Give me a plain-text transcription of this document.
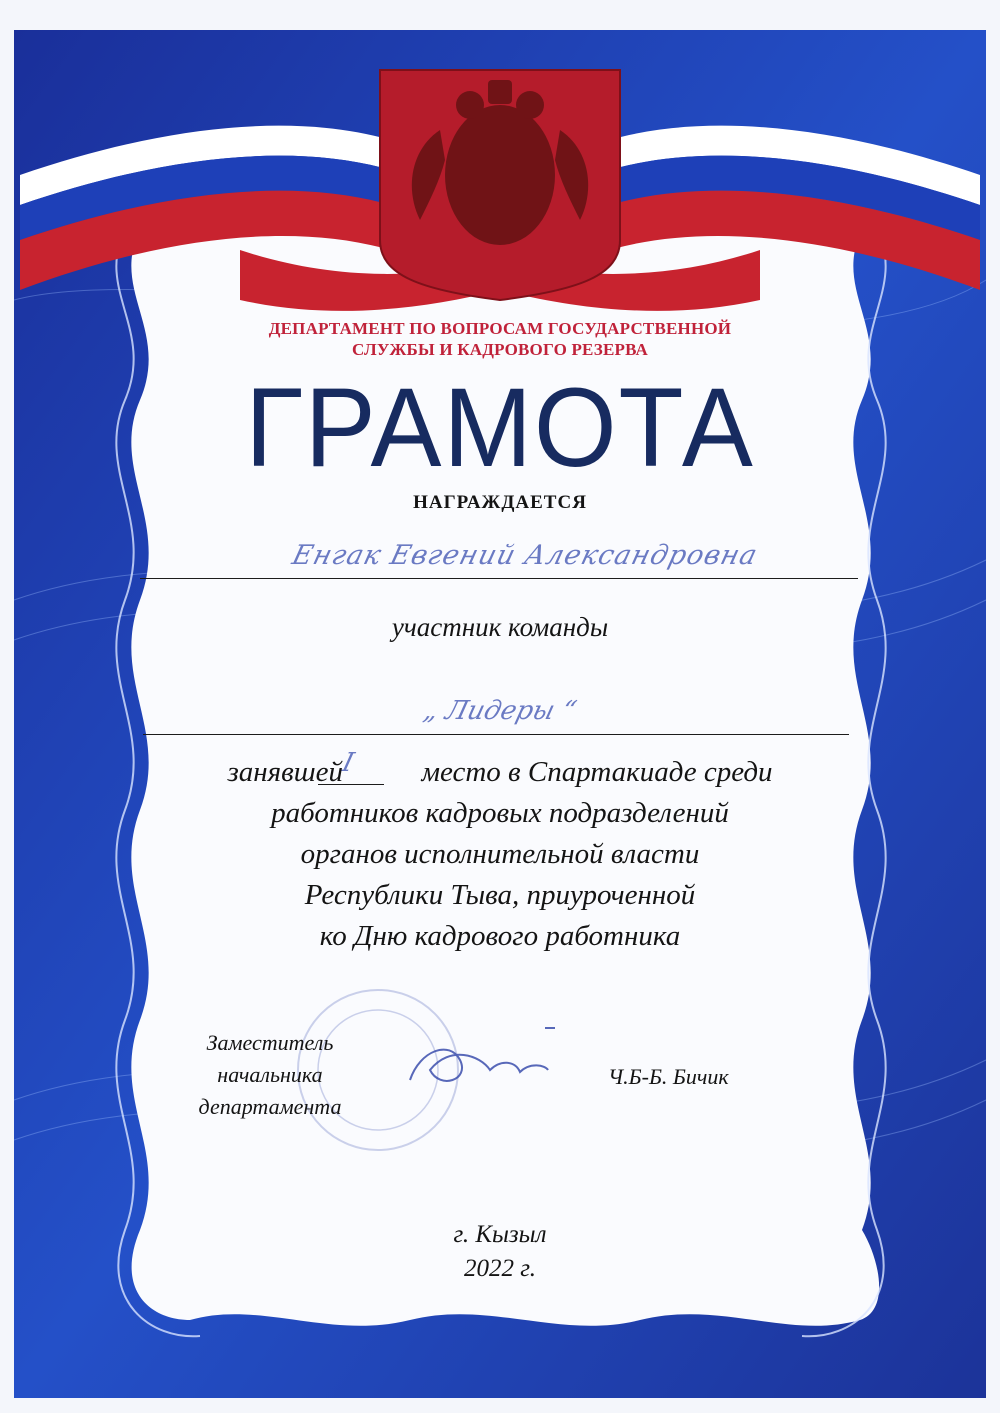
ДЕПАРТАМЕНТ ПО ВОПРОСАМ ГОСУДАРСТВЕННОЙ
СЛУЖБЫ И КАДРОВОГО РЕЗЕРВА
ГРАМОТА
НАГРАЖДАЕТСЯ
Енгак Евгений Александровна
участник команды
„ Лидеры “
I
занявшей	место в Спартакиаде среди
работников кадровых подразделений
органов исполнительной власти
Республики Тыва, приуроченной
ко Дню кадрового работника
Заместитель
начальника
департамента
Ч.Б-Б. Бичик
г. Кызыл
2022 г.
